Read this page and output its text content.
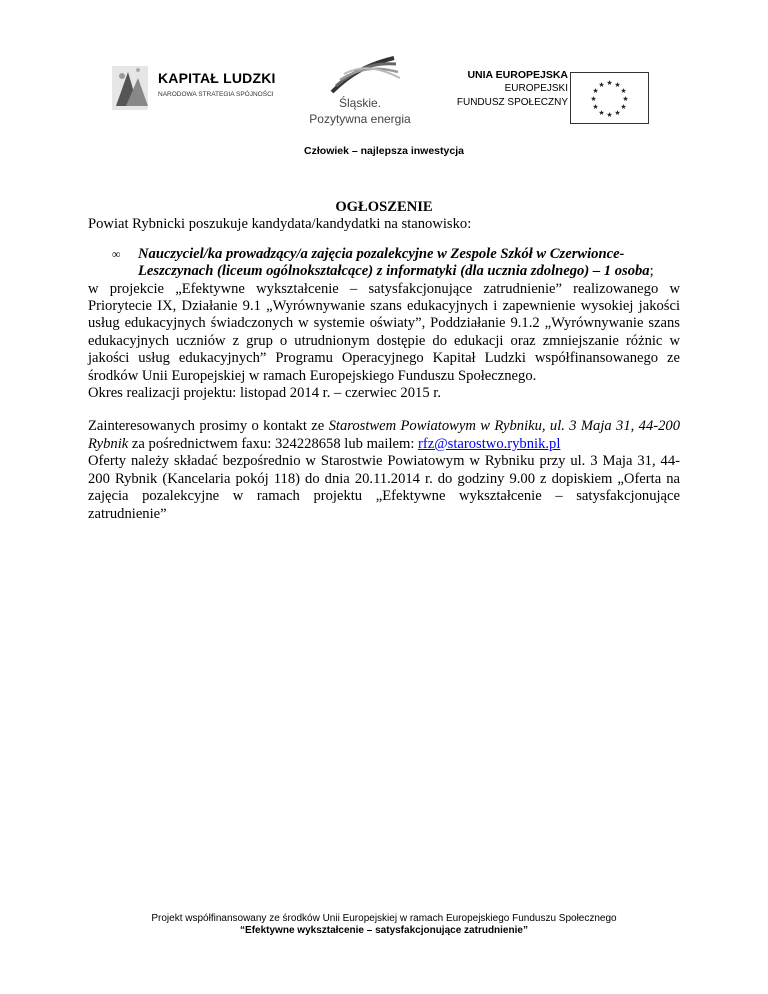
KAPITAŁ LUDZKI
NARODOWA STRATEGIA SPÓJNOŚCI
Śląskie.
Pozytywna energia
UNIA EUROPEJSKA
EUROPEJSKI
FUNDUSZ SPOŁECZNY
★ ★
★
★
★
★
★
★
★
★
★
★
Człowiek – najlepsza inwestycja

OGŁOSZENIE

Powiat Rybnicki poszukuje kandydata/kandydatki na stanowisko:

∞ Nauczyciel/ka prowadzący/a zajęcia pozalekcyjne w Zespole Szkół w Czerwionce-Leszczynach (liceum ogólnokształcące) z informatyki (dla ucznia zdolnego) – 1 osoba;

w projekcie „Efektywne wykształcenie – satysfakcjonujące zatrudnienie” realizowanego w Priorytecie IX, Działanie 9.1 „Wyrównywanie szans edukacyjnych i zapewnienie wysokiej jakości usług edukacyjnych świadczonych w systemie oświaty”, Poddziałanie 9.1.2 „Wyrównywanie szans edukacyjnych uczniów z grup o utrudnionym dostępie do edukacji oraz zmniejszanie różnic w jakości usług edukacyjnych” Programu Operacyjnego Kapitał Ludzki współfinansowanego ze środków Unii Europejskiej w ramach Europejskiego Funduszu Społecznego.

Okres realizacji projektu: listopad 2014 r. – czerwiec 2015 r.

Zainteresowanych prosimy o kontakt ze Starostwem Powiatowym w Rybniku, ul. 3 Maja 31, 44-200 Rybnik za pośrednictwem faxu: 324228658 lub mailem: rfz@starostwo.rybnik.pl

Oferty należy składać bezpośrednio w Starostwie Powiatowym w Rybniku przy ul. 3 Maja 31, 44-200 Rybnik (Kancelaria pokój 118) do dnia 20.11.2014 r. do godziny 9.00 z dopiskiem „Oferta na zajęcia pozalekcyjne w ramach projektu „Efektywne wykształcenie – satysfakcjonujące zatrudnienie”

Projekt współfinansowany ze środków Unii Europejskiej w ramach Europejskiego Funduszu Społecznego
“Efektywne wykształcenie – satysfakcjonujące zatrudnienie”
